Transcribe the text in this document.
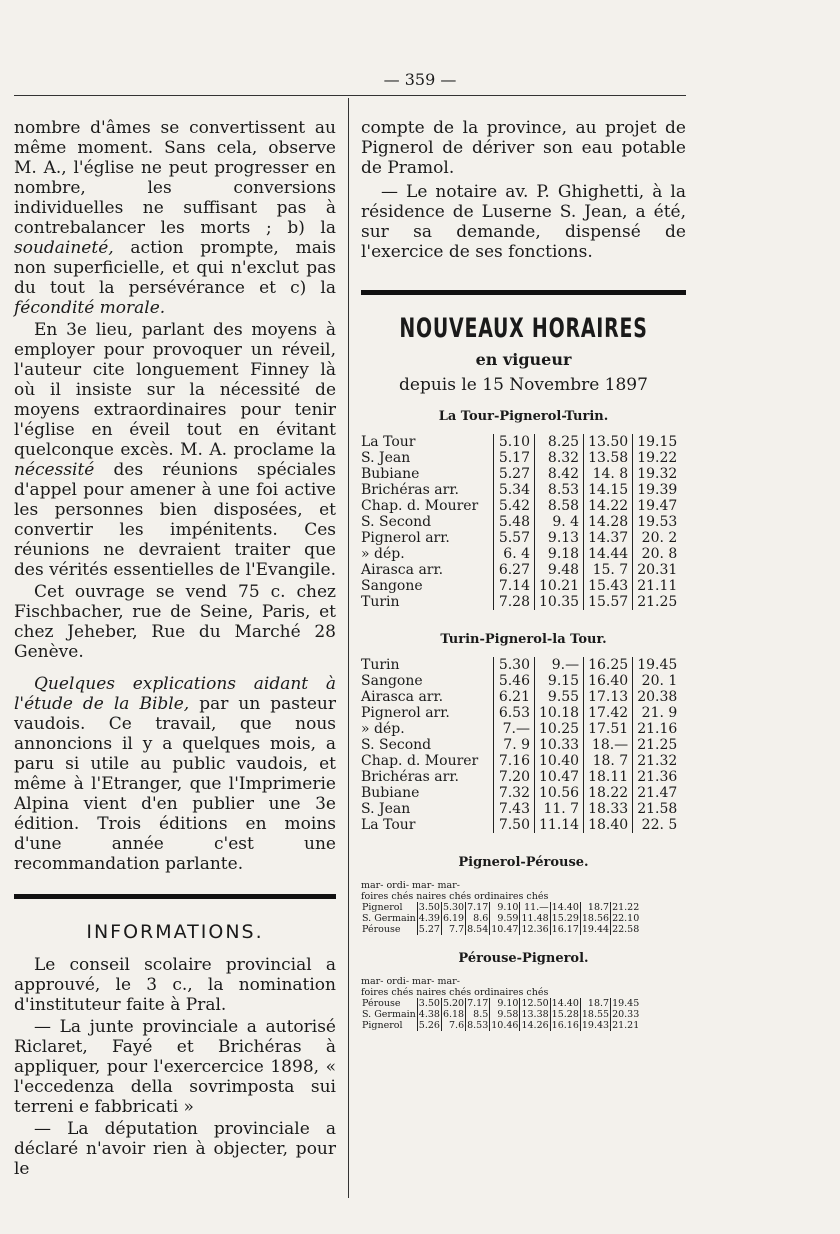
— 359 —

nombre d'âmes se convertissent au même moment. Sans cela, observe M. A., l'église ne peut progresser en nombre, les conversions individuelles ne suffisant pas à contrebalancer les morts ; b) la soudaineté, action prompte, mais non superficielle, et qui n'exclut pas du tout la persévérance et c) la fécondité morale.

En 3e lieu, parlant des moyens à employer pour provoquer un réveil, l'auteur cite longuement Finney là où il insiste sur la nécessité de moyens extraordinaires pour tenir l'église en éveil tout en évitant quelconque excès. M. A. proclame la nécessité des réunions spéciales d'appel pour amener à une foi active les personnes bien disposées, et convertir les impénitents. Ces réunions ne devraient traiter que des vérités essentielles de l'Evangile.

Cet ouvrage se vend 75 c. chez Fischbacher, rue de Seine, Paris, et chez Jeheber, Rue du Marché 28 Genève.

Quelques explications aidant à l'étude de la Bible, par un pasteur vaudois. Ce travail, que nous annoncions il y a quelques mois, a paru si utile au public vaudois, et même à l'Etranger, que l'Imprimerie Alpina vient d'en publier une 3e édition. Trois éditions en moins d'une année c'est une recommandation parlante.

INFORMATIONS.

Le conseil scolaire provincial a approuvé, le 3 c., la nomination d'instituteur faite à Pral.

— La junte provinciale a autorisé Riclaret, Fayé et Brichéras à appliquer, pour l'exercercice 1898, « l'eccedenza della sovrimposta sui terreni e fabbricati »

— La députation provinciale a déclaré n'avoir rien à objecter, pour le

compte de la province, au projet de Pignerol de dériver son eau potable de Pramol.

— Le notaire av. P. Ghighetti, à la résidence de Luserne S. Jean, a été, sur sa demande, dispensé de l'exercice de ses fonctions.

NOUVEAUX HORAIRES
en vigueur
depuis le 15 Novembre 1897
La Tour-Pignerol-Turin.
La Tour	5.10	8.25	13.50	19.15
S. Jean	5.17	8.32	13.58	19.22
Bubiane	5.27	8.42	14. 8	19.32
Brichéras arr.	5.34	8.53	14.15	19.39
Chap. d. Mourer	5.42	8.58	14.22	19.47
S. Second	5.48	9. 4	14.28	19.53
Pignerol arr.	5.57	9.13	14.37	20. 2
» dép.	6. 4	9.18	14.44	20. 8
Airasca arr.	6.27	9.48	15. 7	20.31
Sangone	7.14	10.21	15.43	21.11
Turin	7.28	10.35	15.57	21.25
Turin-Pignerol-la Tour.
Turin	5.30	9.—	16.25	19.45
Sangone	5.46	9.15	16.40	20. 1
Airasca arr.	6.21	9.55	17.13	20.38
Pignerol arr.	6.53	10.18	17.42	21. 9
» dép.	7.—	10.25	17.51	21.16
S. Second	7. 9	10.33	18.—	21.25
Chap. d. Mourer	7.16	10.40	18. 7	21.32
Brichéras arr.	7.20	10.47	18.11	21.36
Bubiane	7.32	10.56	18.22	21.47
S. Jean	7.43	11. 7	18.33	21.58
La Tour	7.50	11.14	18.40	22. 5
Pignerol-Pérouse.
mar- ordi- mar- mar-
foires chés naires chés ordinaires chés
Pignerol	3.50	5.30	7.17	9.10	11.—	14.40	18.7	21.22
S. Germain	4.39	6.19	8.6	9.59	11.48	15.29	18.56	22.10
Pérouse	5.27	7.7	8.54	10.47	12.36	16.17	19.44	22.58
Pérouse-Pignerol.
mar- ordi- mar- mar-
foires chés naires chés ordinaires chés
Pérouse	3.50	5.20	7.17	9.10	12.50	14.40	18.7	19.45
S. Germain	4.38	6.18	8.5	9.58	13.38	15.28	18.55	20.33
Pignerol	5.26	7.6	8.53	10.46	14.26	16.16	19.43	21.21
